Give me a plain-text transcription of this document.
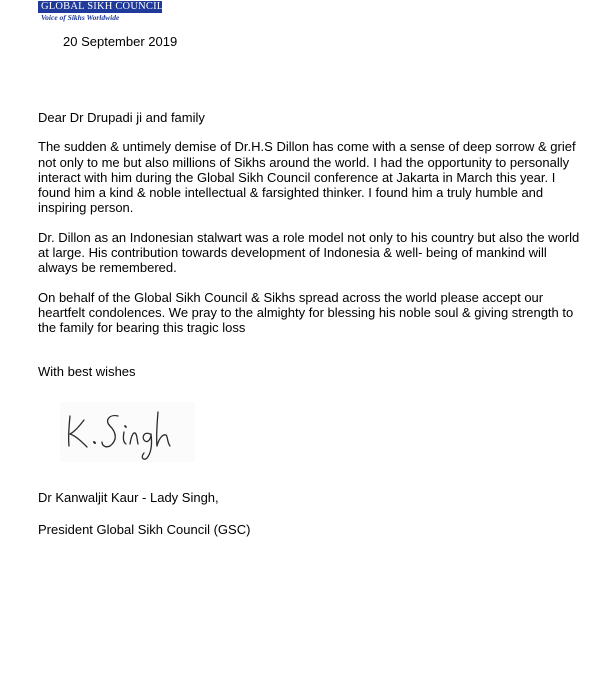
GLOBAL SIKH COUNCIL
Voice of Sikhs Worldwide
20 September 2019

Dear Dr Drupadi ji and family

The sudden & untimely demise of Dr.H.S Dillon has come with a sense of deep sorrow & grief not only to me but also millions of Sikhs around the world. I had the opportunity to personally interact with him during the Global Sikh Council conference at Jakarta in March this year. I found him a kind & noble intellectual & farsighted thinker. I found him a truly humble and inspiring person.

Dr. Dillon as an Indonesian stalwart was a role model not only to his country but also the world at large. His contribution towards development of Indonesia & well- being of mankind will always be remembered.

On behalf of the Global Sikh Council & Sikhs spread across the world please accept our heartfelt condolences. We pray to the almighty for blessing his noble soul & giving strength to the family for bearing this tragic loss

With best wishes
Dr Kanwaljit Kaur - Lady Singh,
President Global Sikh Council (GSC)
